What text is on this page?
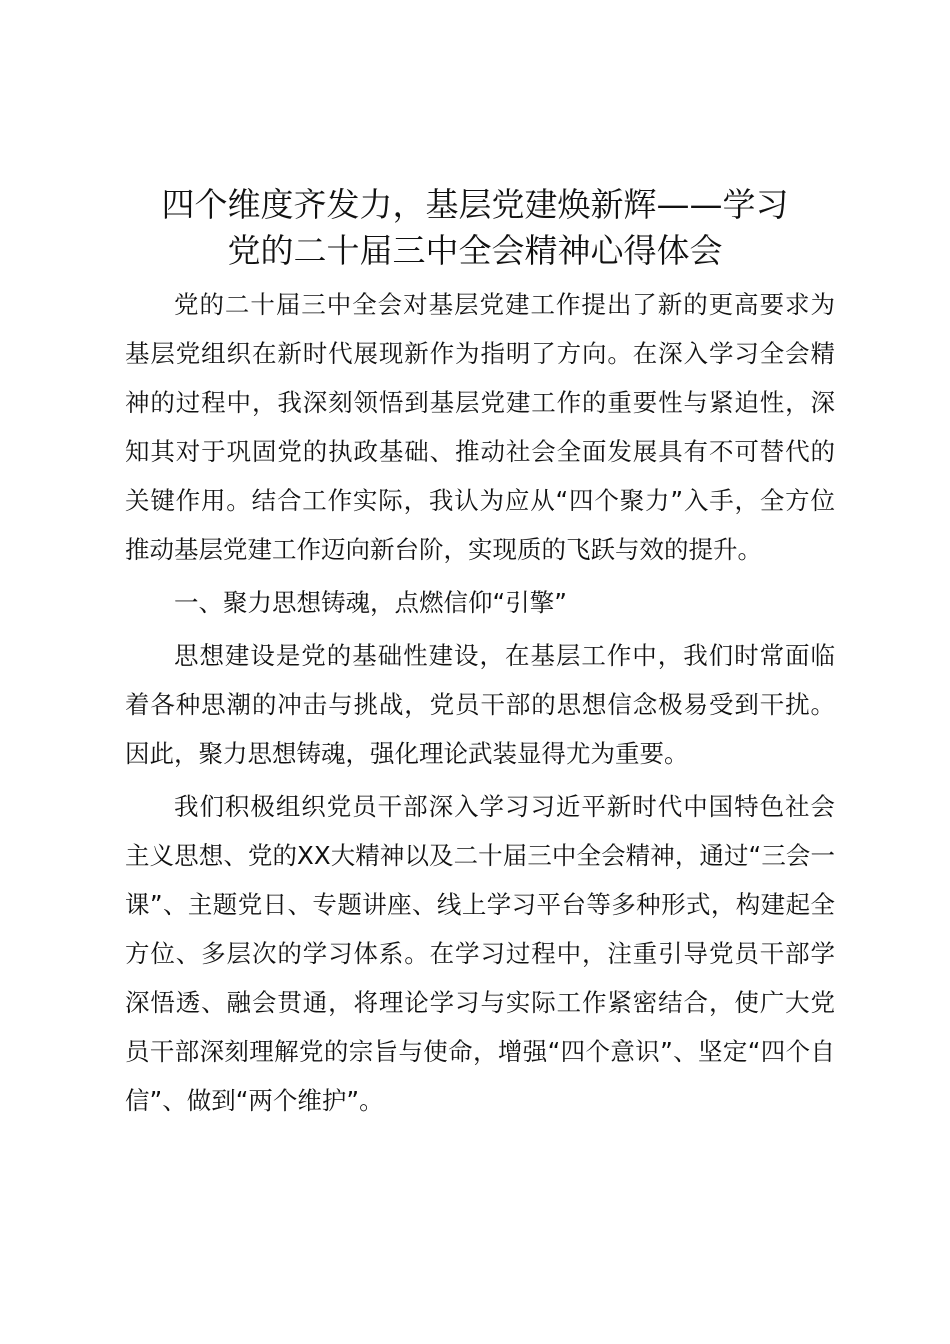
四个维度齐发力，基层党建焕新辉——学习
党的二十届三中全会精神心得体会

党的二十届三中全会对基层党建工作提出了新的更高要求为基层党组织在新时代展现新作为指明了方向。在深入学习全会精神的过程中，我深刻领悟到基层党建工作的重要性与紧迫性，深知其对于巩固党的执政基础、推动社会全面发展具有不可替代的关键作用。结合工作实际，我认为应从“四个聚力”入手，全方位推动基层党建工作迈向新台阶，实现质的飞跃与效的提升。

一、聚力思想铸魂，点燃信仰“引擎”

思想建设是党的基础性建设，在基层工作中，我们时常面临着各种思潮的冲击与挑战，党员干部的思想信念极易受到干扰。因此，聚力思想铸魂，强化理论武装显得尤为重要。

我们积极组织党员干部深入学习习近平新时代中国特色社会主义思想、党的XX大精神以及二十届三中全会精神，通过“三会一课”、主题党日、专题讲座、线上学习平台等多种形式，构建起全方位、多层次的学习体系。在学习过程中，注重引导党员干部学深悟透、融会贯通，将理论学习与实际工作紧密结合，使广大党员干部深刻理解党的宗旨与使命，增强“四个意识”、坚定“四个自信”、做到“两个维护”。
